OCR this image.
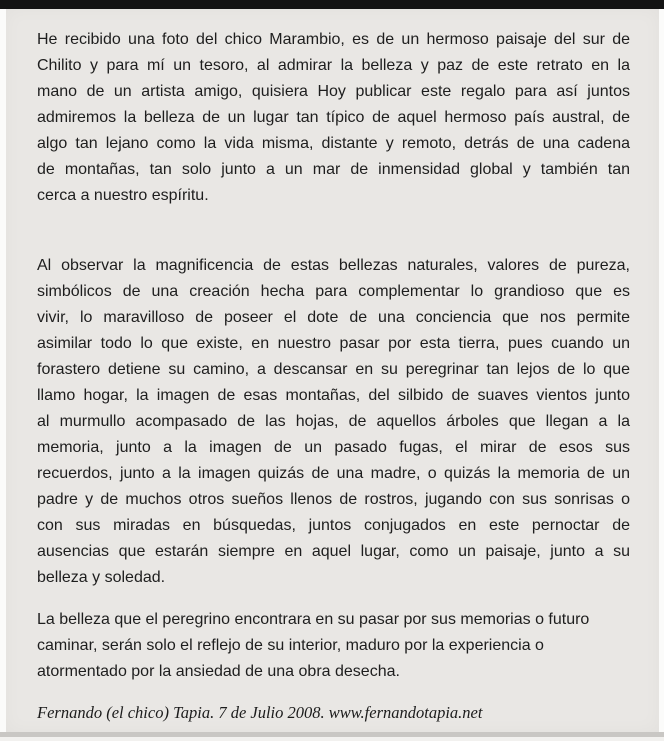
He recibido una foto del chico Marambio, es de un hermoso paisaje del sur de
Chilito y para mí un tesoro, al admirar la belleza y paz de este retrato en la
mano de un artista amigo, quisiera Hoy publicar este regalo para así juntos
admiremos la belleza de un lugar tan típico de aquel hermoso país austral, de
algo tan lejano como la vida misma, distante y remoto, detrás de una cadena
de montañas, tan solo junto a un mar de inmensidad global y también tan
cerca a nuestro espíritu.
Al observar la magnificencia de estas bellezas naturales, valores de pureza,
simbólicos de una creación hecha para complementar lo grandioso que es
vivir, lo maravilloso de poseer el dote de una conciencia que nos permite
asimilar todo lo que existe, en nuestro pasar por esta tierra, pues cuando un
forastero detiene su camino, a descansar en su peregrinar tan lejos de lo que
llamo hogar, la imagen de esas montañas, del silbido de suaves vientos junto
al murmullo acompasado de las hojas, de aquellos árboles que llegan a la
memoria, junto a la imagen de un pasado fugas, el mirar de esos sus
recuerdos, junto a la imagen quizás de una madre, o quizás la memoria de un
padre y de muchos otros sueños llenos de rostros, jugando con sus sonrisas o
con sus miradas en búsquedas, juntos conjugados en este pernoctar de
ausencias que estarán siempre en aquel lugar, como un paisaje, junto a su
belleza y soledad.
La belleza que el peregrino encontrara en su pasar por sus memorias o futuro
caminar, serán solo el reflejo de su interior, maduro por la experiencia o
atormentado por la ansiedad de una obra desecha.
Fernando (el chico) Tapia. 7 de Julio 2008. www.fernandotapia.net
